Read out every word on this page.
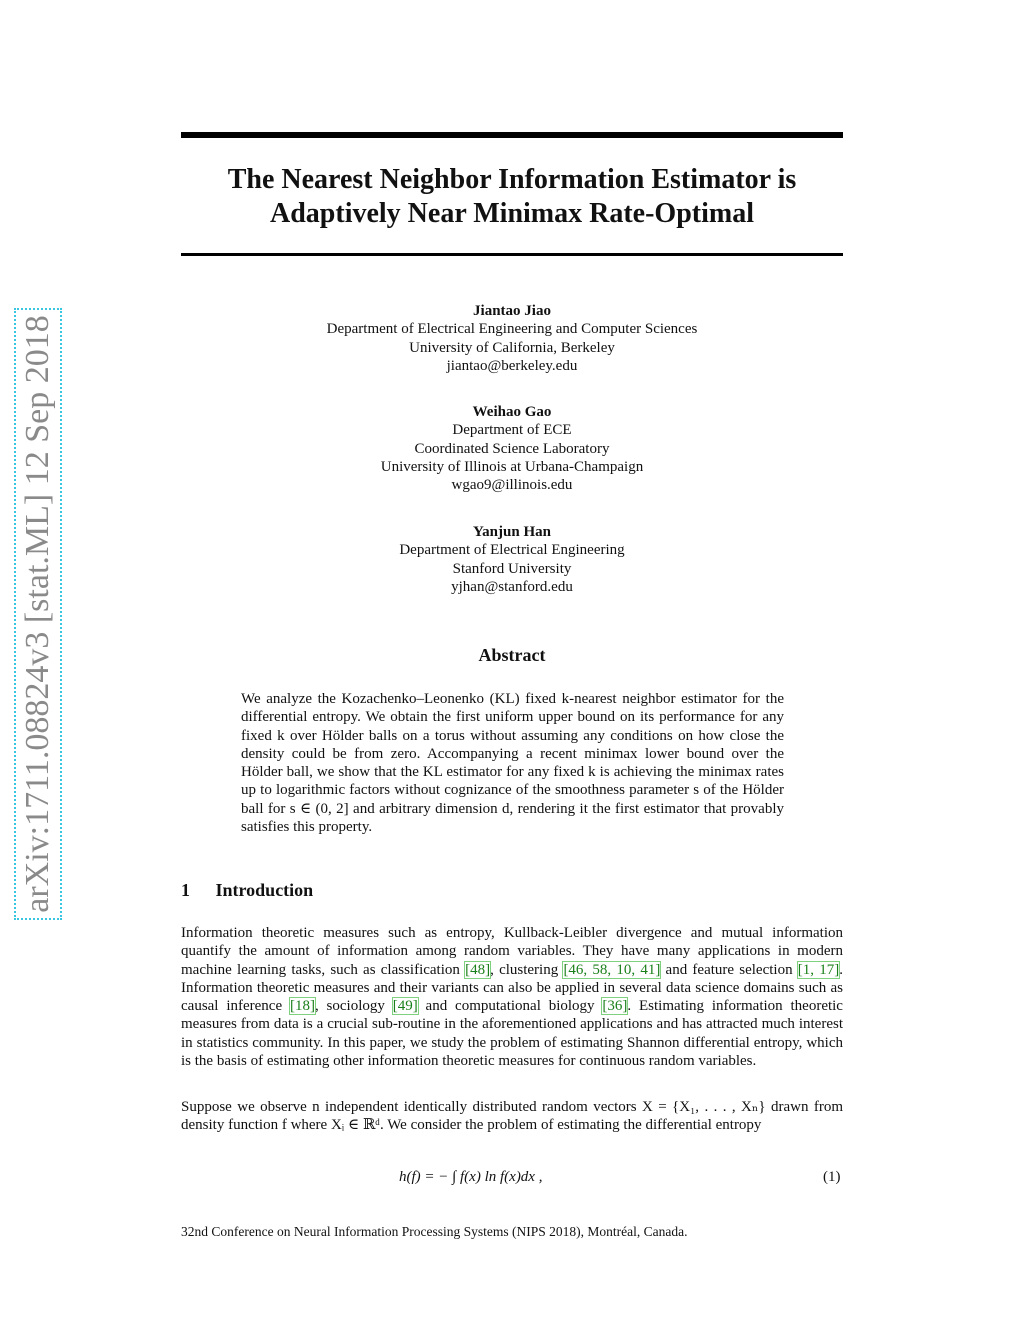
arXiv:1711.08824v3 [stat.ML] 12 Sep 2018
The Nearest Neighbor Information Estimator is
Adaptively Near Minimax Rate-Optimal
Jiantao Jiao
Department of Electrical Engineering and Computer Sciences
University of California, Berkeley
jiantao@berkeley.edu
Weihao Gao
Department of ECE
Coordinated Science Laboratory
University of Illinois at Urbana-Champaign
wgao9@illinois.edu
Yanjun Han
Department of Electrical Engineering
Stanford University
yjhan@stanford.edu
Abstract
We analyze the Kozachenko–Leonenko (KL) fixed k-nearest neighbor estimator for the differential entropy. We obtain the first uniform upper bound on its performance for any fixed k over Hölder balls on a torus without assuming any conditions on how close the density could be from zero. Accompanying a recent minimax lower bound over the Hölder ball, we show that the KL estimator for any fixed k is achieving the minimax rates up to logarithmic factors without cognizance of the smoothness parameter s of the Hölder ball for s ∈ (0, 2] and arbitrary dimension d, rendering it the first estimator that provably satisfies this property.
1 Introduction
Information theoretic measures such as entropy, Kullback-Leibler divergence and mutual information quantify the amount of information among random variables. They have many applications in modern machine learning tasks, such as classification [48], clustering [46, 58, 10, 41] and feature selection [1, 17]. Information theoretic measures and their variants can also be applied in several data science domains such as causal inference [18], sociology [49] and computational biology [36]. Estimating information theoretic measures from data is a crucial sub-routine in the aforementioned applications and has attracted much interest in statistics community. In this paper, we study the problem of estimating Shannon differential entropy, which is the basis of estimating other information theoretic measures for continuous random variables.
Suppose we observe n independent identically distributed random vectors X = {X₁, . . . , Xₙ} drawn from density function f where Xᵢ ∈ ℝᵈ. We consider the problem of estimating the differential entropy
h(f) = − ∫ f(x) ln f(x)dx ,	(1)
32nd Conference on Neural Information Processing Systems (NIPS 2018), Montréal, Canada.
